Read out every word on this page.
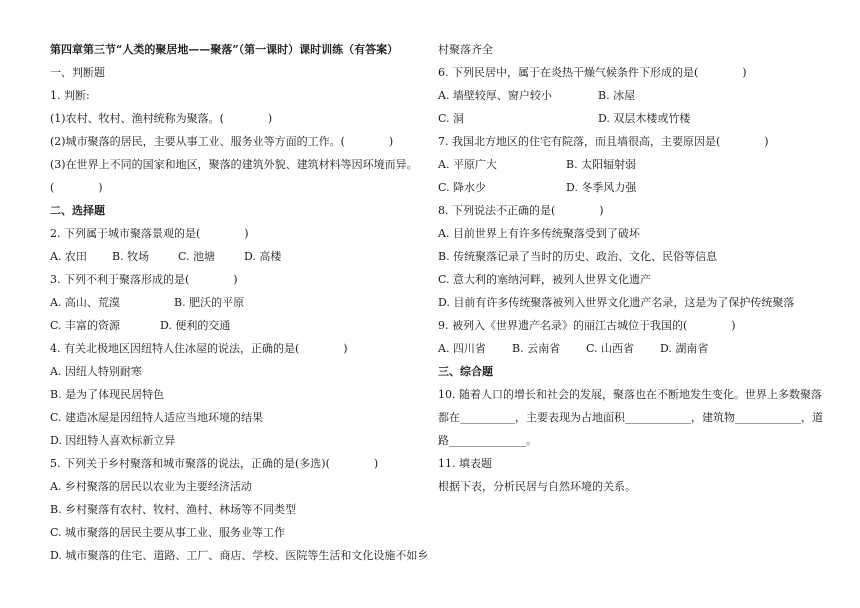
第四章第三节“人类的聚居地——聚落”（第一课时）课时训练（有答案）
一、判断题
1. 判断:
(1)农村、牧村、渔村统称为聚落。(　　　　)
(2)城市聚落的居民，主要从事工业、服务业等方面的工作。(　　　　)
(3)在世界上不同的国家和地区，聚落的建筑外貌、建筑材料等因环境而异。
(　　　　)
二、选择题
2. 下列属于城市聚落景观的是(　　　　)
A. 农田 B. 牧场	C. 池塘	D. 高楼
3. 下列不利于聚落形成的是(　　　　)
A. 高山、荒漠	B. 肥沃的平原
C. 丰富的资源	D. 便利的交通
4. 有关北极地区因纽特人住冰屋的说法，正确的是(　　　　)
A. 因纽人特别耐寒
B. 是为了体现民居特色
C. 建造冰屋是因纽特人适应当地环境的结果
D. 因纽特人喜欢标新立异
5. 下列关于乡村聚落和城市聚落的说法，正确的是(多选)(　　　　)
A. 乡村聚落的居民以农业为主要经济活动
B. 乡村聚落有农村、牧村、渔村、林场等不同类型
C. 城市聚落的居民主要从事工业、服务业等工作
D. 城市聚落的住宅、道路、工厂、商店、学校、医院等生活和文化设施不如乡
村聚落齐全
6. 下列民居中，属于在炎热干燥气候条件下形成的是(　　　　)
A. 墙壁较厚、窗户较小	B. 冰屋
C. 洞	D. 双层木楼或竹楼
7. 我国北方地区的住宅有院落，而且墙很高，主要原因是(　　　　)
A. 平原广大	B. 太阳辐射弱
C. 降水少	D. 冬季风力强
8. 下列说法不正确的是(　　　　)
A. 目前世界上有许多传统聚落受到了破坏
B. 传统聚落记录了当时的历史、政治、文化、民俗等信息
C. 意大利的塞纳河畔，被列人世界文化遗产
D. 目前有许多传统聚落被列入世界文化遗产名录，这是为了保护传统聚落
9. 被列入《世界遗产名录》的丽江古城位于我国的(　　　　)
A. 四川省 B. 云南省 C. 山西省 D. 湖南省
三、综合题
10. 随着人口的增长和社会的发展，聚落也在不断地发生变化。世界上多数聚落
都在__________，主要表现为占地面积____________，建筑物____________，道
路______________。
11. 填表题
根据下表，分析民居与自然环境的关系。
